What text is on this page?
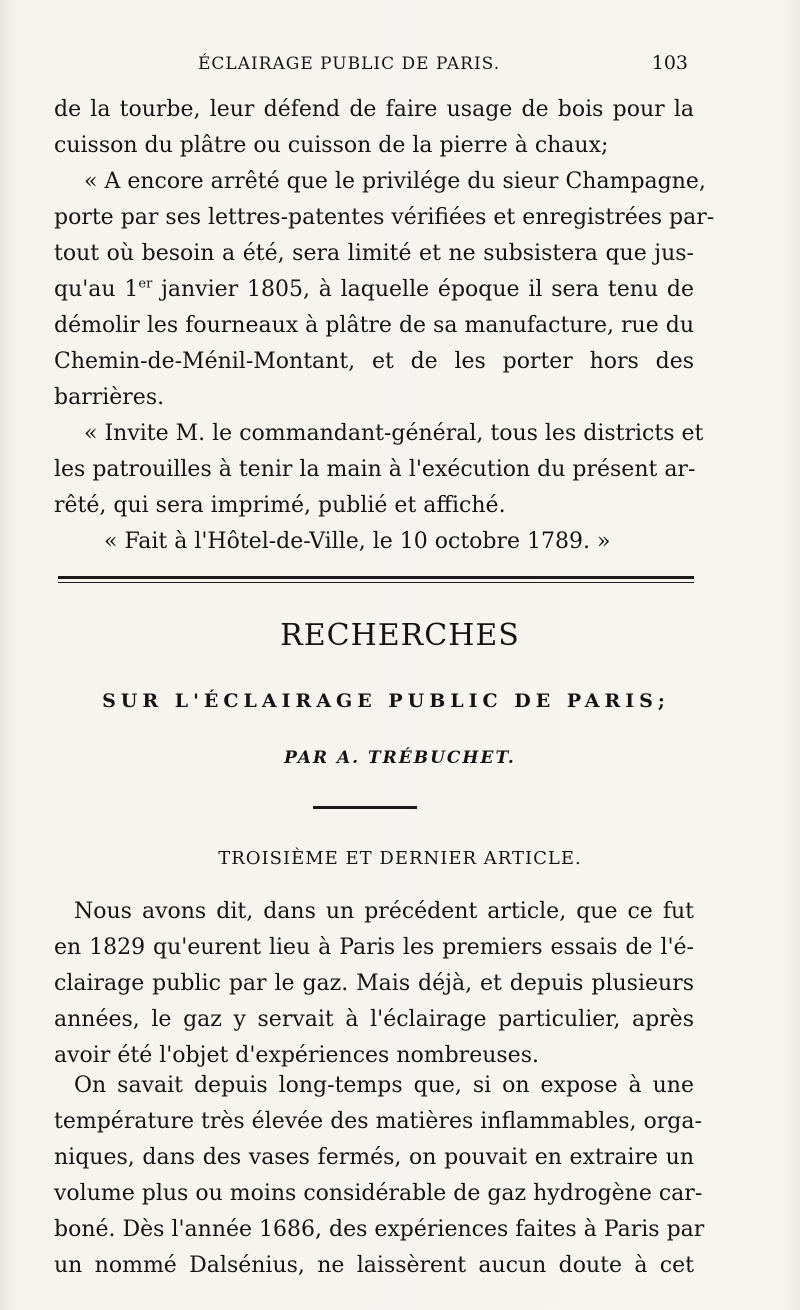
ÉCLAIRAGE PUBLIC DE PARIS.	103

de la tourbe, leur défend de faire usage de bois pour la
cuisson du plâtre ou cuisson de la pierre à chaux;

« A encore arrêté que le privilége du sieur Champagne,
porte par ses lettres-patentes vérifiées et enregistrées par-
tout où besoin a été, sera limité et ne subsistera que jus-
qu'au 1er janvier 1805, à laquelle époque il sera tenu de
démolir les fourneaux à plâtre de sa manufacture, rue du
Chemin-de-Ménil-Montant, et de les porter hors des
barrières.

« Invite M. le commandant-général, tous les districts et
les patrouilles à tenir la main à l'exécution du présent ar-
rêté, qui sera imprimé, publié et affiché.

« Fait à l'Hôtel-de-Ville, le 10 octobre 1789. »

RECHERCHES
SUR L'ÉCLAIRAGE PUBLIC DE PARIS;
PAR A. TRÉBUCHET.
TROISIÈME ET DERNIER ARTICLE.

Nous avons dit, dans un précédent article, que ce fut
en 1829 qu'eurent lieu à Paris les premiers essais de l'é-
clairage public par le gaz. Mais déjà, et depuis plusieurs
années, le gaz y servait à l'éclairage particulier, après
avoir été l'objet d'expériences nombreuses.

On savait depuis long-temps que, si on expose à une
température très élevée des matières inflammables, orga-
niques, dans des vases fermés, on pouvait en extraire un
volume plus ou moins considérable de gaz hydrogène car-
boné. Dès l'année 1686, des expériences faites à Paris par
un nommé Dalsénius, ne laissèrent aucun doute à cet
